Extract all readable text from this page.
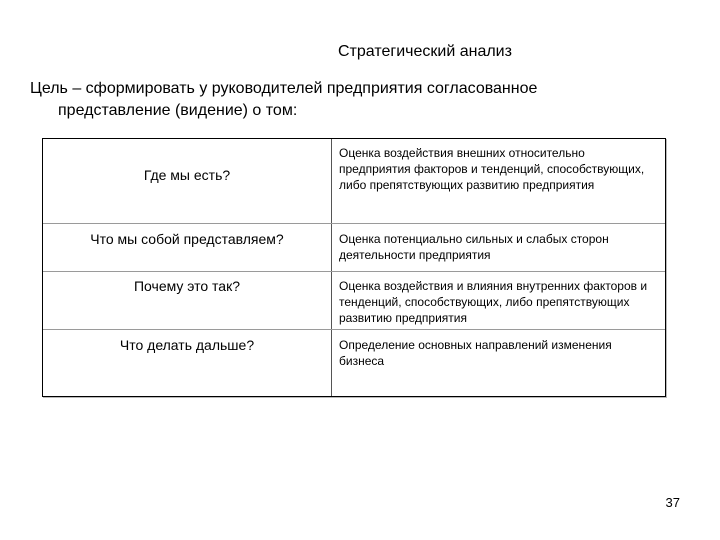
Стратегический анализ
Цель – сформировать у руководителей предприятия согласованное
представление (видение) о том:
Где мы есть?	Оценка воздействия внешних относительно предприятия факторов и тенденций, способствующих, либо препятствующих развитию предприятия

Что мы собой представляем?	Оценка потенциально сильных и слабых сторон деятельности предприятия

Почему это так?	Оценка воздействия и влияния внутренних факторов и тенденций, способствующих, либо препятствующих развитию предприятия

Что делать дальше?	Определение основных направлений изменения бизнеса
37
